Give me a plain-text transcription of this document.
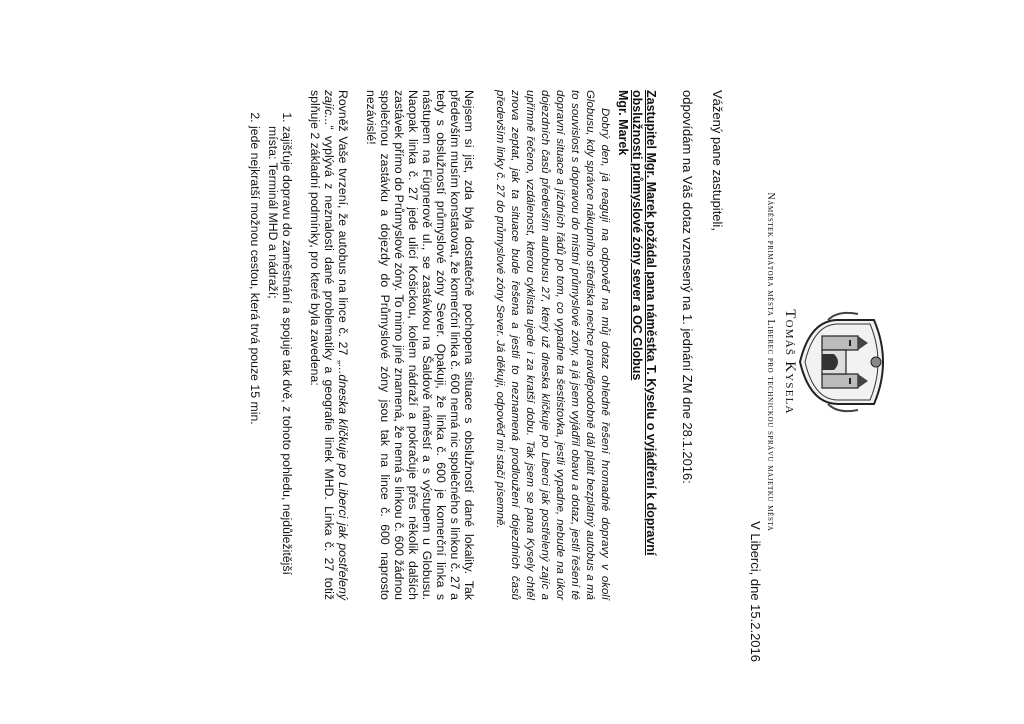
Tomáš Kysela
Náměstek primátora města Liberec pro technickou správu majetku města
V Liberci, dne 15.2.2016
Vážený pane zastupiteli,
odpovídám na Váš dotaz vznesený na 1. jednání ZM dne 28.1.2016:
Zastupitel Mgr. Marek požádal pana náměstka T. Kyselu o vyjádření k dopravní obslužnosti průmyslové zóny sever a OC Globus
Mgr. Marek

Dobrý den, já reaguji na odpověď na můj dotaz ohledně řešení hromadné dopravy v okolí Globusu, kdy správce nákupního střediska nechce pravděpodobně dál platit bezplatný autobus a má to souvislost s dopravou do místní průmyslové zóny, a já jsem vyjádřil obavu a dotaz, jestli řešení té dopravní situace a jízdních řádů po tom, co vypadne ta šestistovka, jestli vypadne, nebude na úkor dojezdních časů především autobusu 27, který už dneska kličkuje po Liberci jak postřelený zajíc a upřímně řečeno, vzdálenost, kterou cyklista ujede i za kratší dobu. Tak jsem se pana Kysely chtěl znova zeptat, jak ta situace bude řešena a jestli to neznamená prodloužení dojezdních časů především linky č. 27 do průmyslové zóny Sever. Já děkuji, odpověď mi stačí písemně.

Nejsem si jist, zda byla dostatečně pochopena situace s obslužností dané lokality. Tak především musím konstatovat, že komerční linka č. 600 nemá nic společného s linkou č. 27 a tedy s obslužností průmyslové zóny Sever. Opakuji, že linka č. 600 je komerční linka s nástupem na Fügnerově ul., se zastávkou na Šaldově náměstí a s výstupem u Globusu. Naopak linka č. 27 jede ulicí Košickou, kolem nádraží a pokračuje přes několik dalších zastávek přímo do Průmyslové zóny. To mimo jiné znamená, že nemá s linkou č. 600 žádnou společnou zastávku a dojezdy do Průmyslové zóny jsou tak na lince č. 600 naprosto nezávislé!

Rovněž Vaše tvrzení, že autobus na lince č. 27 „...dneska kličkuje po Liberci jak postřelený zajíc...“ vyplývá z neznalosti dané problematiky a geografie linek MHD. Linka č. 27 totiž splňuje 2 základní podmínky, pro které byla zavedena:

1. zajišťuje dopravu do zaměstnání a spojuje tak dvě, z tohoto pohledu, nejdůležitější místa: Terminál MHD a nádraží;
2. jede nejkratší možnou cestou, která trvá pouze 15 min.
